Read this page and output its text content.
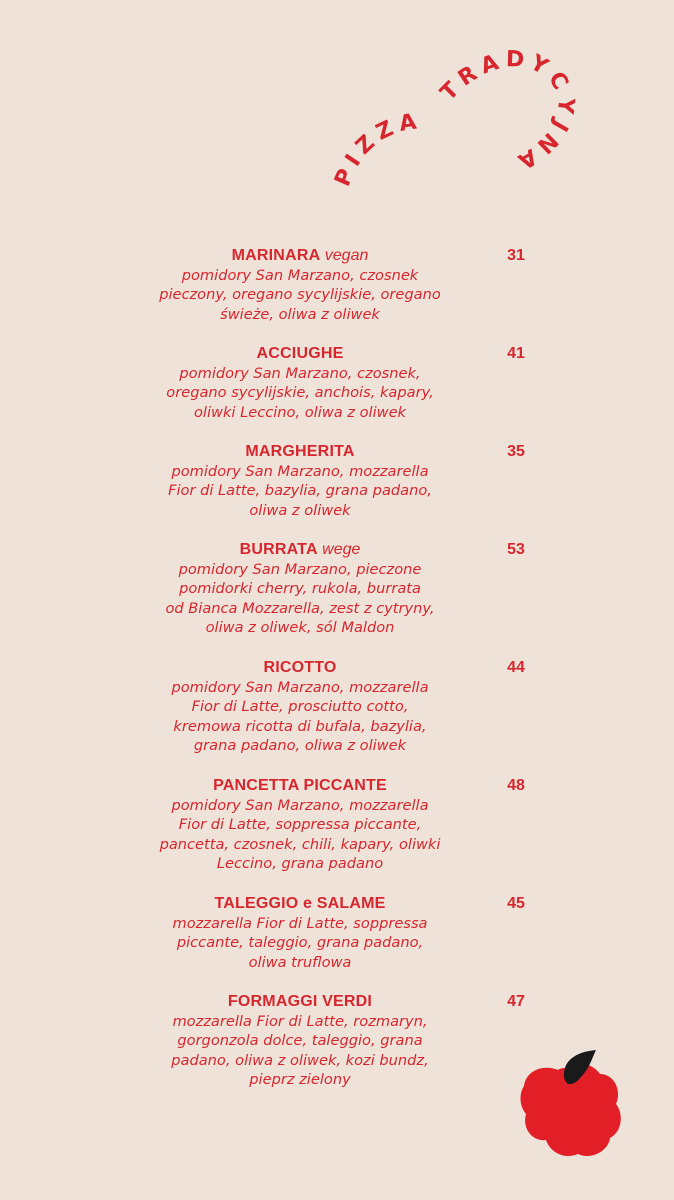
PIZZA
TRADYCYJNA
MARINARA vegan
pomidory San Marzano, czosnek
pieczony, oregano sycylijskie, oregano
świeże, oliwa z oliwek
31
ACCIUGHE
pomidory San Marzano, czosnek,
oregano sycylijskie, anchois, kapary,
oliwki Leccino, oliwa z oliwek
41
MARGHERITA
pomidory San Marzano, mozzarella
Fior di Latte, bazylia, grana padano,
oliwa z oliwek
35
BURRATA wege
pomidory San Marzano, pieczone
pomidorki cherry, rukola, burrata
od Bianca Mozzarella, zest z cytryny,
oliwa z oliwek, sól Maldon
53
RICOTTO
pomidory San Marzano, mozzarella
Fior di Latte, prosciutto cotto,
kremowa ricotta di bufala, bazylia,
grana padano, oliwa z oliwek
44
PANCETTA PICCANTE
pomidory San Marzano, mozzarella
Fior di Latte, soppressa piccante,
pancetta, czosnek, chili, kapary, oliwki
Leccino, grana padano
48
TALEGGIO e SALAME
mozzarella Fior di Latte, soppressa
piccante, taleggio, grana padano,
oliwa truflowa
45
FORMAGGI VERDI
mozzarella Fior di Latte, rozmaryn,
gorgonzola dolce, taleggio, grana
padano, oliwa z oliwek, kozi bundz,
pieprz zielony
47
